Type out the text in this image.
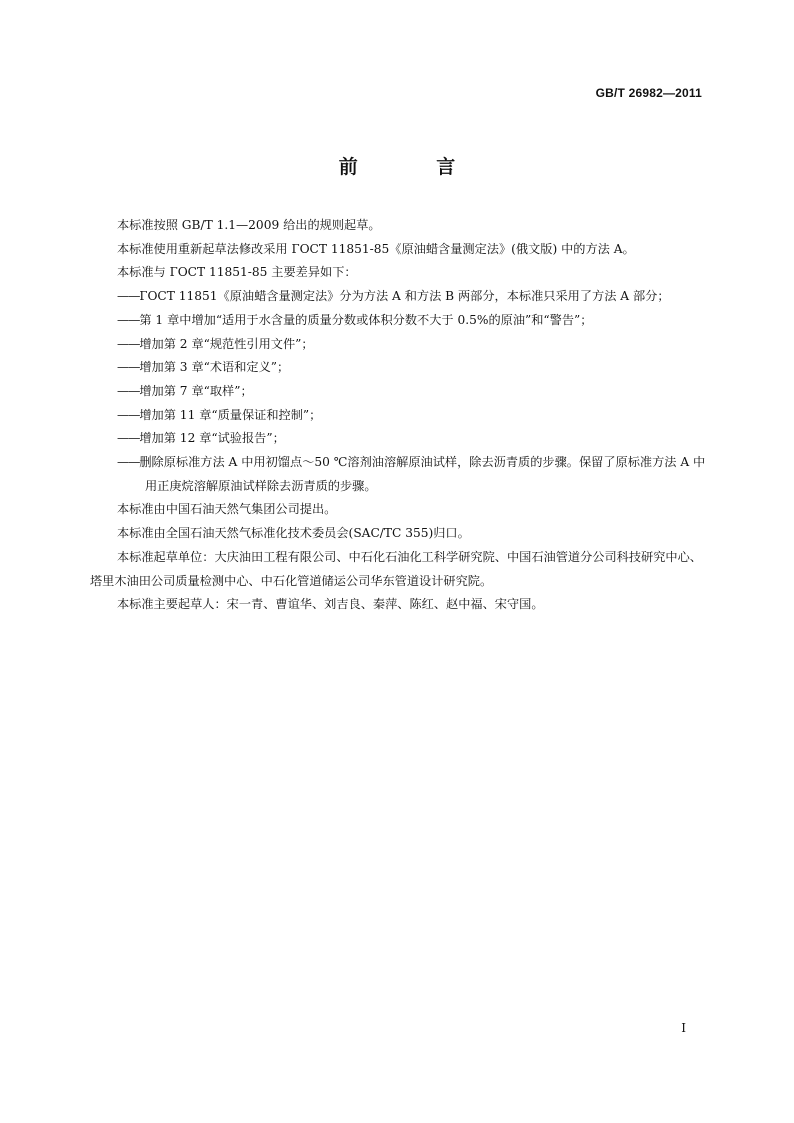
GB/T 26982—2011
前 言

本标准按照 GB/T 1.1—2009 给出的规则起草。

本标准使用重新起草法修改采用 ГОСТ 11851-85《原油蜡含量测定法》(俄文版) 中的方法 A。

本标准与 ГОСТ 11851-85 主要差异如下：

——ГОСТ 11851《原油蜡含量测定法》分为方法 A 和方法 B 两部分，本标准只采用了方法 A 部分；

——第 1 章中增加“适用于水含量的质量分数或体积分数不大于 0.5%的原油”和“警告”；

——增加第 2 章“规范性引用文件”；

——增加第 3 章“术语和定义”；

——增加第 7 章“取样”；

——增加第 11 章“质量保证和控制”；

——增加第 12 章“试验报告”；

——删除原标准方法 A 中用初馏点～50 ℃溶剂油溶解原油试样，除去沥青质的步骤。保留了原标准方法 A 中用正庚烷溶解原油试样除去沥青质的步骤。

本标准由中国石油天然气集团公司提出。

本标准由全国石油天然气标准化技术委员会(SAC/TC 355)归口。

本标准起草单位：大庆油田工程有限公司、中石化石油化工科学研究院、中国石油管道分公司科技研究中心、塔里木油田公司质量检测中心、中石化管道储运公司华东管道设计研究院。

本标准主要起草人：宋一青、曹谊华、刘吉良、秦萍、陈红、赵中福、宋守国。

I
